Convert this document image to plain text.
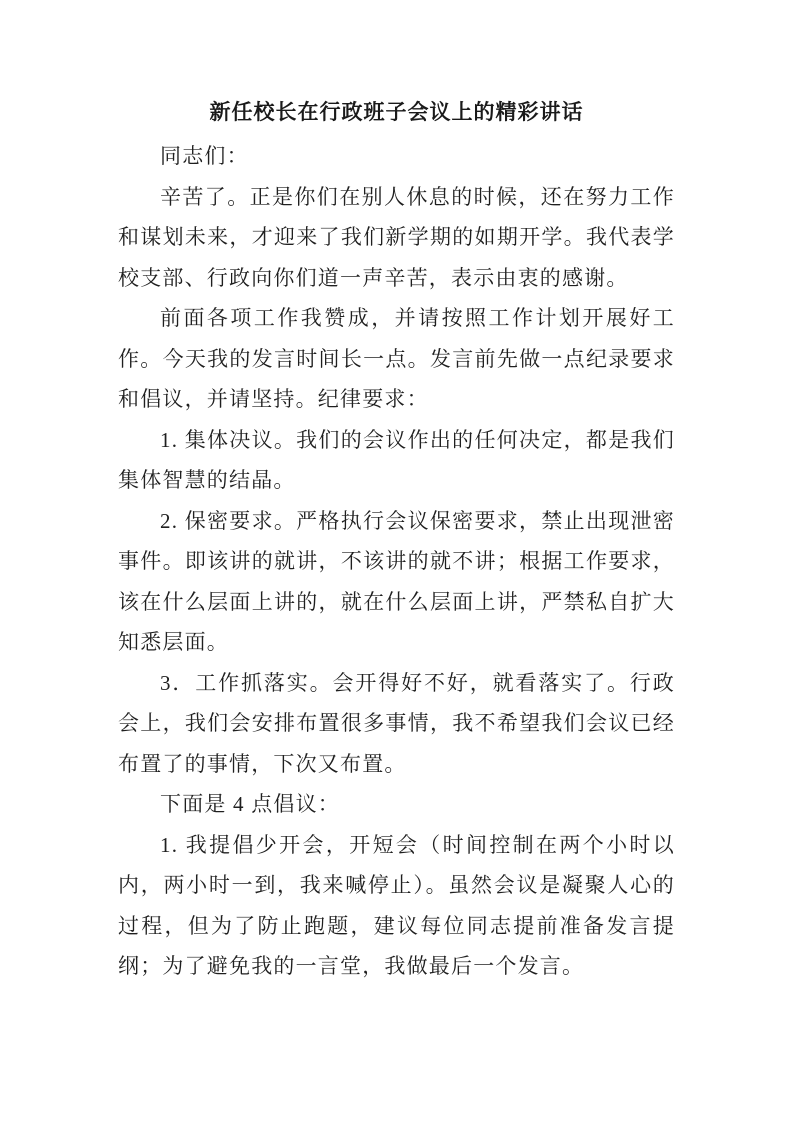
新任校长在行政班子会议上的精彩讲话

同志们：

辛苦了。正是你们在别人休息的时候，还在努力工作和谋划未来，才迎来了我们新学期的如期开学。我代表学校支部、行政向你们道一声辛苦，表示由衷的感谢。

前面各项工作我赞成，并请按照工作计划开展好工作。今天我的发言时间长一点。发言前先做一点纪录要求和倡议，并请坚持。纪律要求：

1. 集体决议。我们的会议作出的任何决定，都是我们集体智慧的结晶。

2. 保密要求。严格执行会议保密要求，禁止出现泄密事件。即该讲的就讲，不该讲的就不讲；根据工作要求，该在什么层面上讲的，就在什么层面上讲，严禁私自扩大知悉层面。

3．工作抓落实。会开得好不好，就看落实了。行政会上，我们会安排布置很多事情，我不希望我们会议已经布置了的事情，下次又布置。

下面是 4 点倡议：

1. 我提倡少开会，开短会（时间控制在两个小时以内，两小时一到，我来喊停止）。虽然会议是凝聚人心的过程，但为了防止跑题，建议每位同志提前准备发言提纲；为了避免我的一言堂，我做最后一个发言。
